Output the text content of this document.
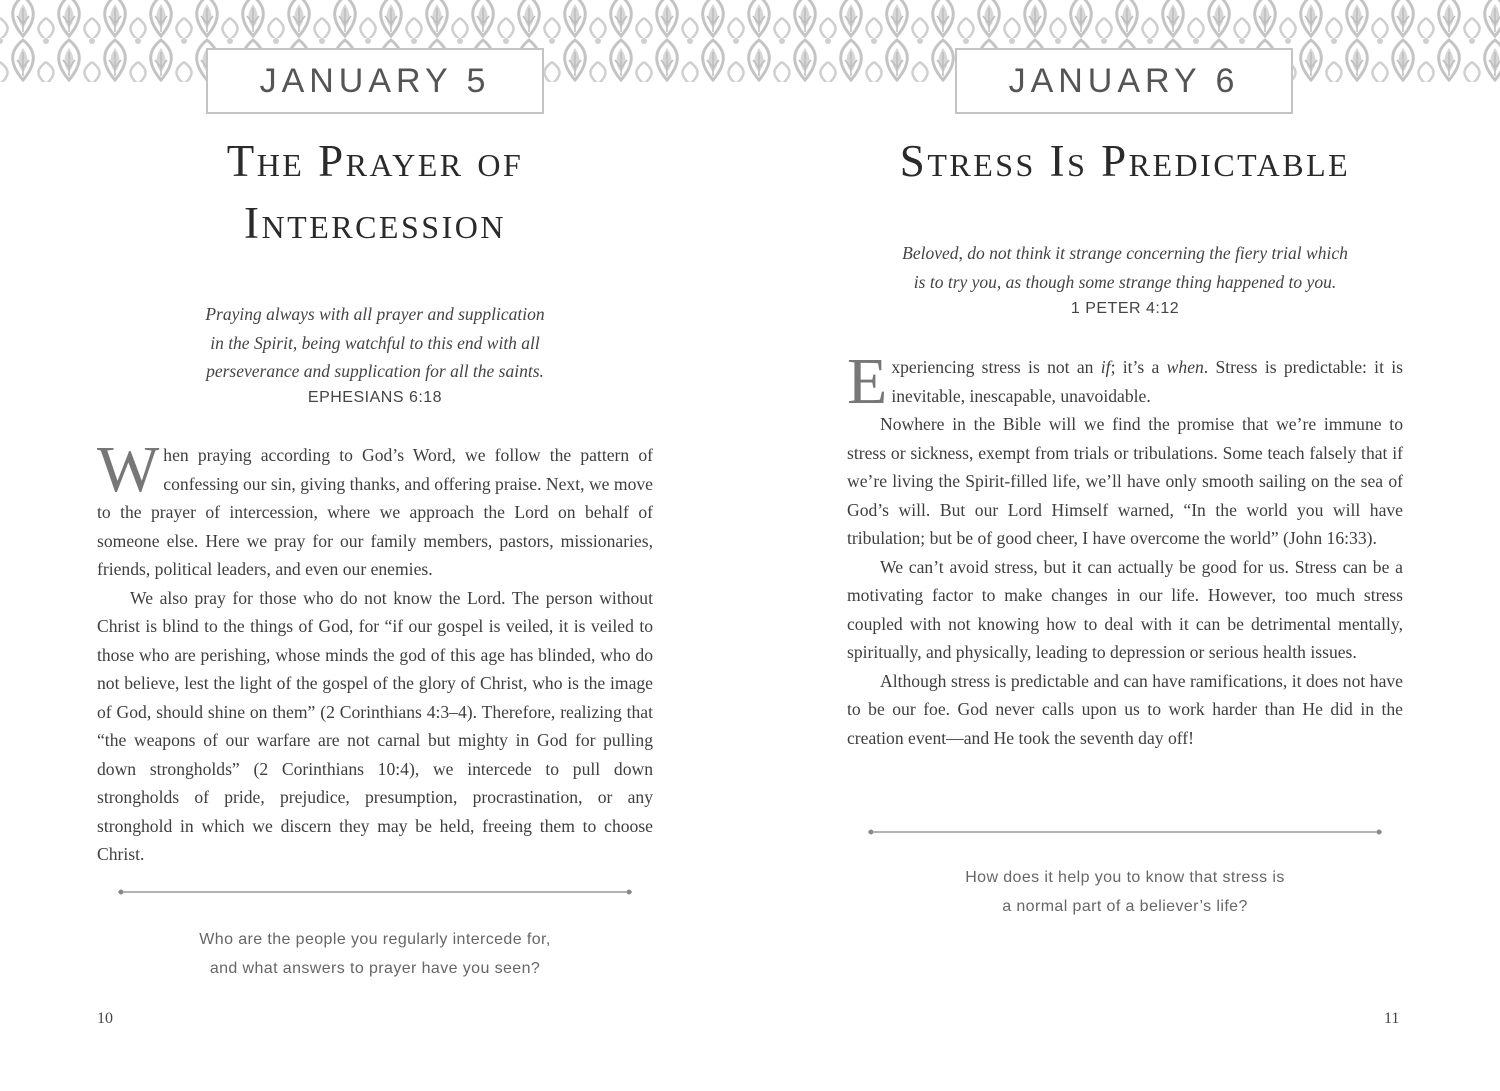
JANUARY 5
The Prayer of
Intercession
Praying always with all prayer and supplication
in the Spirit, being watchful to this end with all
perseverance and supplication for all the saints.
EPHESIANS 6:18

When praying according to God’s Word, we follow the pattern of confessing our sin, giving thanks, and offering praise. Next, we move to the prayer of intercession, where we approach the Lord on behalf of someone else. Here we pray for our family members, pastors, missionaries, friends, political leaders, and even our enemies.

We also pray for those who do not know the Lord. The person without Christ is blind to the things of God, for “if our gospel is veiled, it is veiled to those who are perishing, whose minds the god of this age has blinded, who do not believe, lest the light of the gospel of the glory of Christ, who is the image of God, should shine on them” (2 Corinthians 4:3–4). Therefore, realizing that “the weapons of our warfare are not carnal but mighty in God for pulling down strongholds” (2 Corinthians 10:4), we intercede to pull down strongholds of pride, prejudice, presumption, procrastination, or any stronghold in which we discern they may be held, freeing them to choose Christ.

Who are the people you regularly intercede for,
and what answers to prayer have you seen?
10
JANUARY 6
Stress Is Predictable
Beloved, do not think it strange concerning the fiery trial which
is to try you, as though some strange thing happened to you.
1 PETER 4:12

Experiencing stress is not an if; it’s a when. Stress is predictable: it is inevitable, inescapable, unavoidable.

Nowhere in the Bible will we find the promise that we’re immune to stress or sickness, exempt from trials or tribulations. Some teach falsely that if we’re living the Spirit-filled life, we’ll have only smooth sailing on the sea of God’s will. But our Lord Himself warned, “In the world you will have tribulation; but be of good cheer, I have overcome the world” (John 16:33).

We can’t avoid stress, but it can actually be good for us. Stress can be a motivating factor to make changes in our life. However, too much stress coupled with not knowing how to deal with it can be detrimental mentally, spiritually, and physically, leading to depression or serious health issues.

Although stress is predictable and can have ramifications, it does not have to be our foe. God never calls upon us to work harder than He did in the creation event—and He took the seventh day off!

How does it help you to know that stress is
a normal part of a believer’s life?
11
